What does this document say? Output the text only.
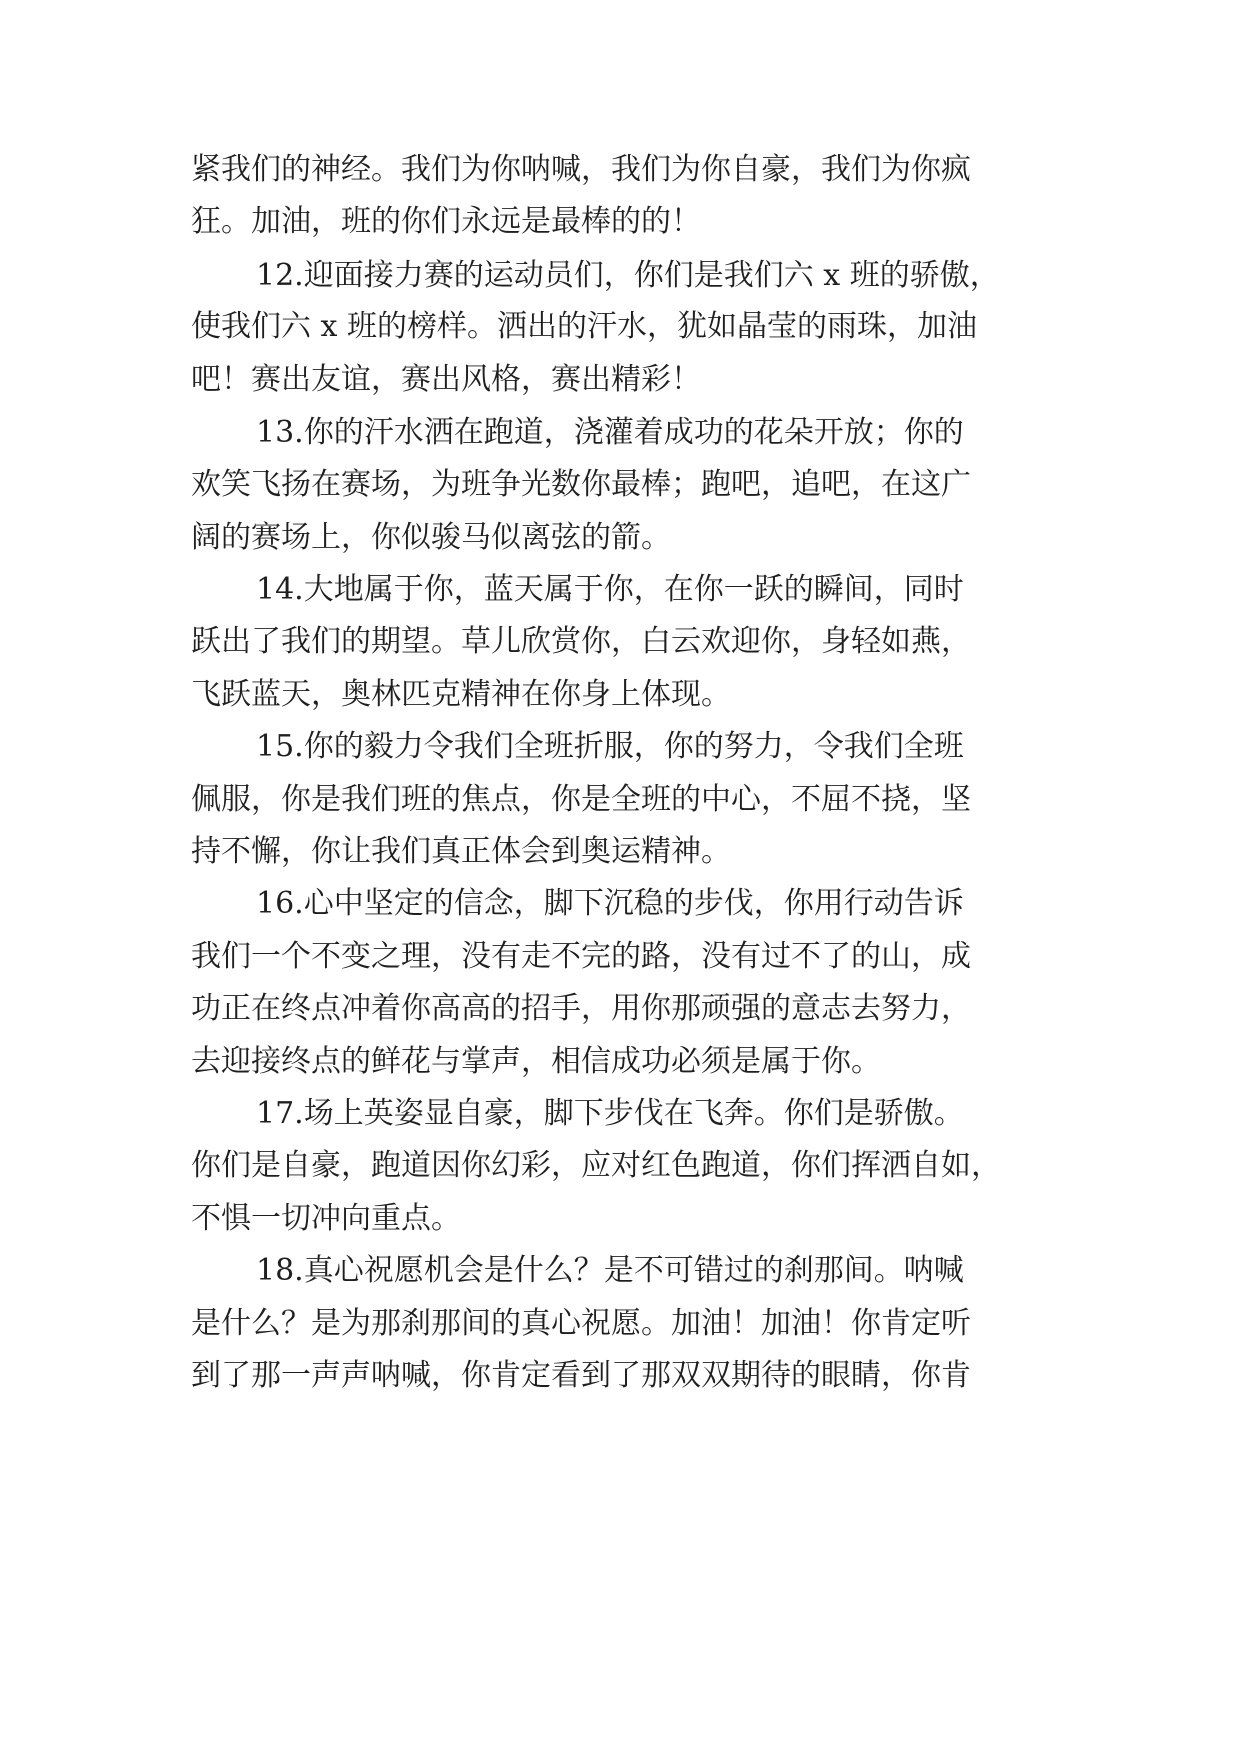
紧我们的神经。我们为你呐喊，我们为你自豪，我们为你疯
狂。加油，班的你们永远是最棒的的！
12.迎面接力赛的运动员们，你们是我们六 x 班的骄傲，
使我们六 x 班的榜样。洒出的汗水，犹如晶莹的雨珠，加油
吧！赛出友谊，赛出风格，赛出精彩！
13.你的汗水洒在跑道，浇灌着成功的花朵开放；你的
欢笑飞扬在赛场，为班争光数你最棒；跑吧，追吧，在这广
阔的赛场上，你似骏马似离弦的箭。
14.大地属于你，蓝天属于你，在你一跃的瞬间，同时
跃出了我们的期望。草儿欣赏你，白云欢迎你，身轻如燕，
飞跃蓝天，奥林匹克精神在你身上体现。
15.你的毅力令我们全班折服，你的努力，令我们全班
佩服，你是我们班的焦点，你是全班的中心，不屈不挠，坚
持不懈，你让我们真正体会到奥运精神。
16.心中坚定的信念，脚下沉稳的步伐，你用行动告诉
我们一个不变之理，没有走不完的路，没有过不了的山，成
功正在终点冲着你高高的招手，用你那顽强的意志去努力，
去迎接终点的鲜花与掌声，相信成功必须是属于你。
17.场上英姿显自豪，脚下步伐在飞奔。你们是骄傲。
你们是自豪，跑道因你幻彩，应对红色跑道，你们挥洒自如，
不惧一切冲向重点。
18.真心祝愿机会是什么？是不可错过的刹那间。呐喊
是什么？是为那刹那间的真心祝愿。加油！加油！你肯定听
到了那一声声呐喊，你肯定看到了那双双期待的眼睛，你肯
